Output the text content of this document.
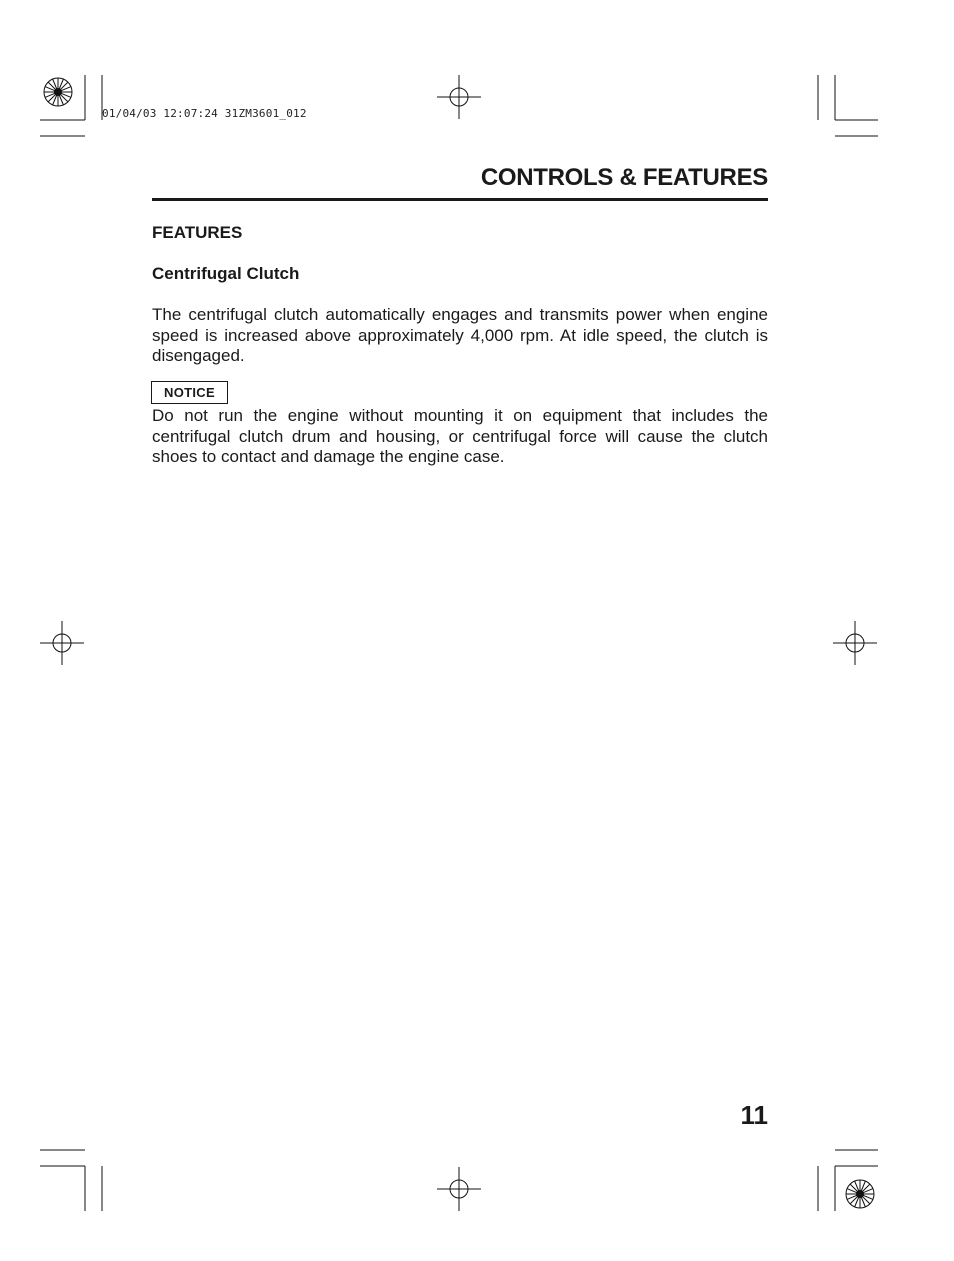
01/04/03 12:07:24 31ZM3601_012
CONTROLS & FEATURES
FEATURES
Centrifugal Clutch
The centrifugal clutch automatically engages and transmits power when engine speed is increased above approximately 4,000 rpm. At idle speed, the clutch is disengaged.
NOTICE
Do not run the engine without mounting it on equipment that includes the centrifugal clutch drum and housing, or centrifugal force will cause the clutch shoes to contact and damage the engine case.
11
